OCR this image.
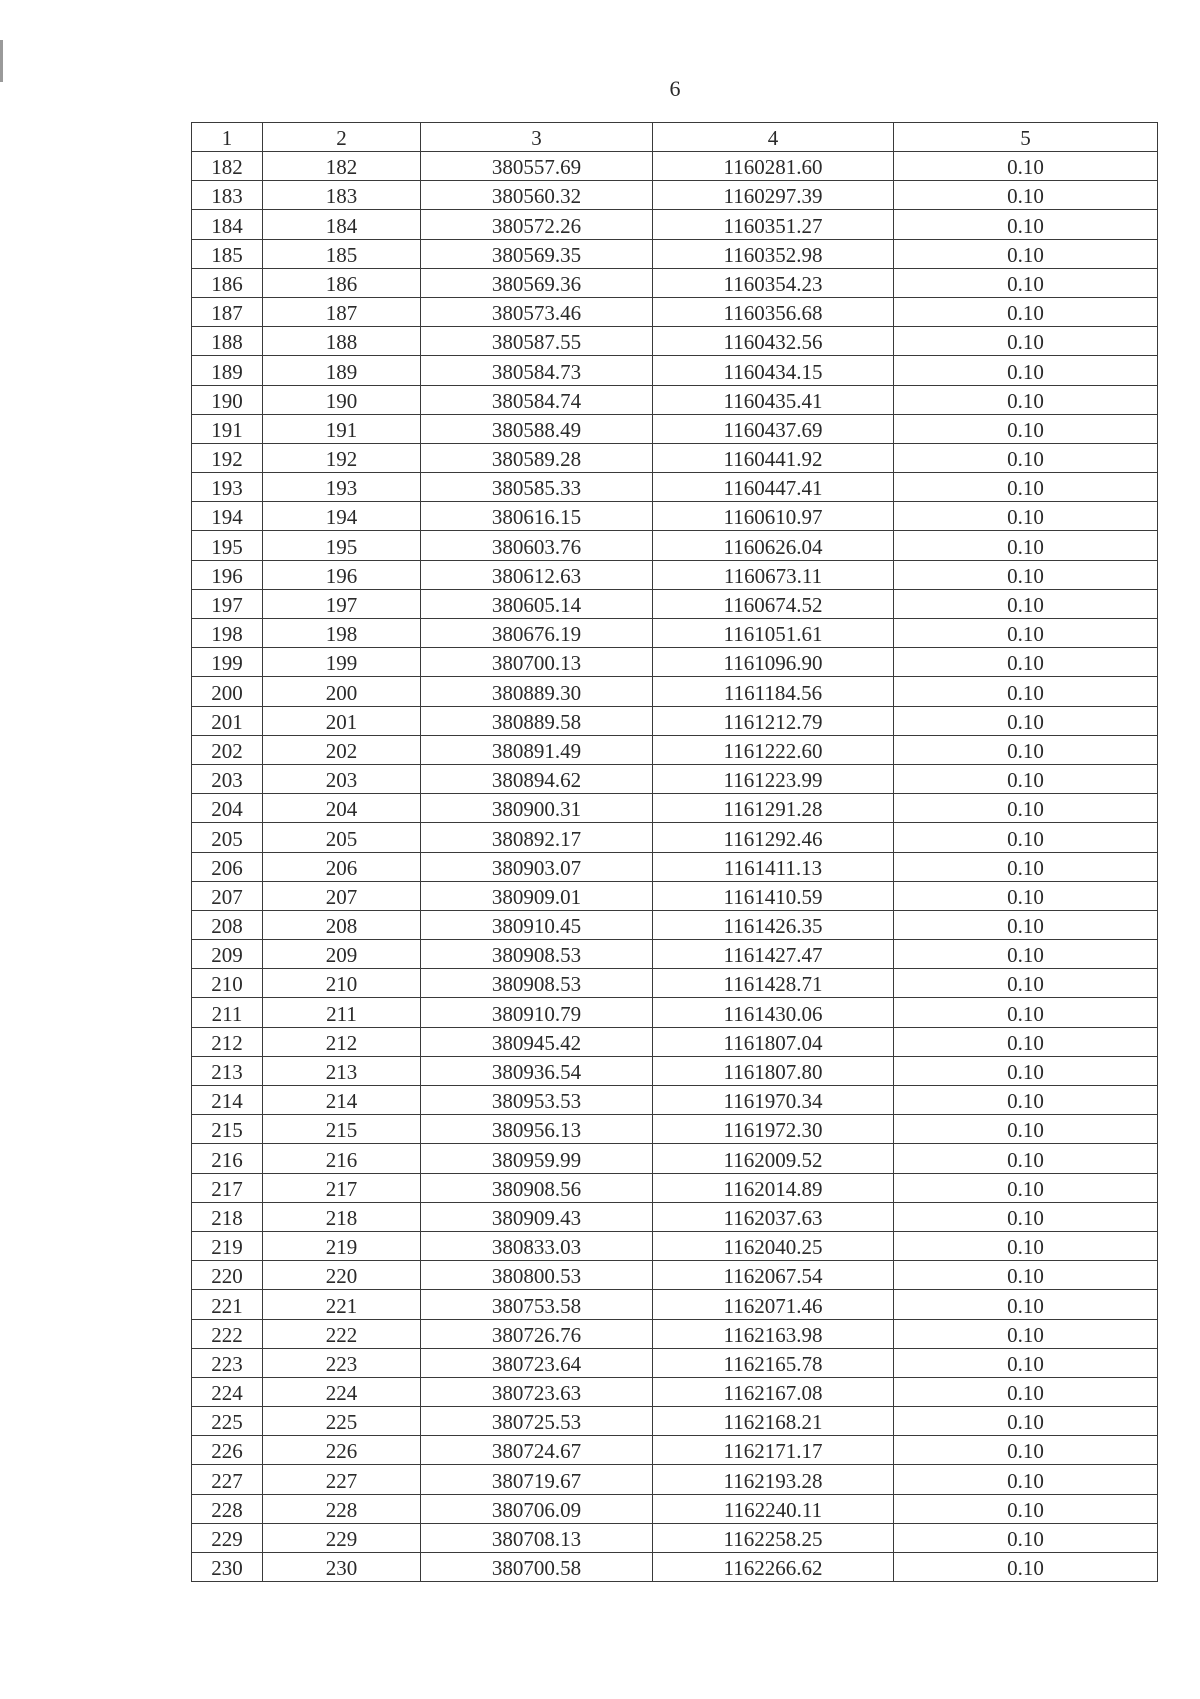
6
1	2	3	4	5
182	182	380557.69	1160281.60	0.10
183	183	380560.32	1160297.39	0.10
184	184	380572.26	1160351.27	0.10
185	185	380569.35	1160352.98	0.10
186	186	380569.36	1160354.23	0.10
187	187	380573.46	1160356.68	0.10
188	188	380587.55	1160432.56	0.10
189	189	380584.73	1160434.15	0.10
190	190	380584.74	1160435.41	0.10
191	191	380588.49	1160437.69	0.10
192	192	380589.28	1160441.92	0.10
193	193	380585.33	1160447.41	0.10
194	194	380616.15	1160610.97	0.10
195	195	380603.76	1160626.04	0.10
196	196	380612.63	1160673.11	0.10
197	197	380605.14	1160674.52	0.10
198	198	380676.19	1161051.61	0.10
199	199	380700.13	1161096.90	0.10
200	200	380889.30	1161184.56	0.10
201	201	380889.58	1161212.79	0.10
202	202	380891.49	1161222.60	0.10
203	203	380894.62	1161223.99	0.10
204	204	380900.31	1161291.28	0.10
205	205	380892.17	1161292.46	0.10
206	206	380903.07	1161411.13	0.10
207	207	380909.01	1161410.59	0.10
208	208	380910.45	1161426.35	0.10
209	209	380908.53	1161427.47	0.10
210	210	380908.53	1161428.71	0.10
211	211	380910.79	1161430.06	0.10
212	212	380945.42	1161807.04	0.10
213	213	380936.54	1161807.80	0.10
214	214	380953.53	1161970.34	0.10
215	215	380956.13	1161972.30	0.10
216	216	380959.99	1162009.52	0.10
217	217	380908.56	1162014.89	0.10
218	218	380909.43	1162037.63	0.10
219	219	380833.03	1162040.25	0.10
220	220	380800.53	1162067.54	0.10
221	221	380753.58	1162071.46	0.10
222	222	380726.76	1162163.98	0.10
223	223	380723.64	1162165.78	0.10
224	224	380723.63	1162167.08	0.10
225	225	380725.53	1162168.21	0.10
226	226	380724.67	1162171.17	0.10
227	227	380719.67	1162193.28	0.10
228	228	380706.09	1162240.11	0.10
229	229	380708.13	1162258.25	0.10
230	230	380700.58	1162266.62	0.10
